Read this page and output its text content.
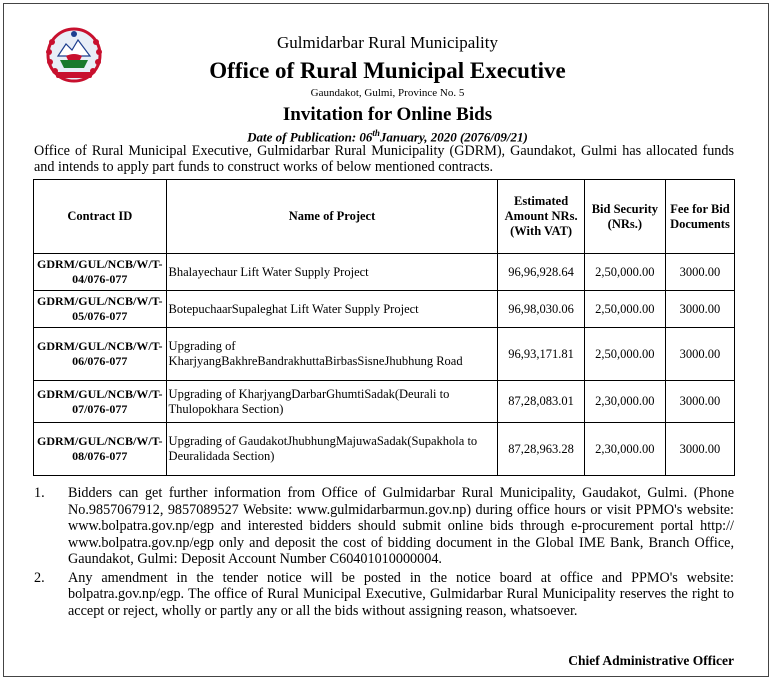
Gulmidarbar Rural Municipality
Office of Rural Municipal Executive
Gaundakot, Gulmi, Province No. 5
Invitation for Online Bids
Date of Publication: 06thJanuary, 2020 (2076/09/21)
Office of Rural Municipal Executive, Gulmidarbar Rural Municipality (GDRM), Gaundakot, Gulmi has allocated funds and intends to apply part funds to construct works of below mentioned contracts.
Contract ID	Name of Project	Estimated Amount NRs.(With VAT)	Bid Security (NRs.)	Fee for Bid Documents
GDRM/GUL/NCB/W/T-04/076-077	Bhalayechaur Lift Water Supply Project	96,96,928.64	2,50,000.00	3000.00
GDRM/GUL/NCB/W/T-05/076-077	BotepuchaarSupaleghat Lift Water Supply Project	96,98,030.06	2,50,000.00	3000.00
GDRM/GUL/NCB/W/T-06/076-077	Upgrading of KharjyangBakhreBandrakhuttaBirbasSisneJhubhung Road	96,93,171.81	2,50,000.00	3000.00
GDRM/GUL/NCB/W/T-07/076-077	Upgrading of KharjyangDarbarGhumtiSadak(Deurali to Thulopokhara Section)	87,28,083.01	2,30,000.00	3000.00
GDRM/GUL/NCB/W/T-08/076-077	Upgrading of GaudakotJhubhungMajuwaSadak(Supakhola to Deuralidada Section)	87,28,963.28	2,30,000.00	3000.00
1. Bidders can get further information from Office of Gulmidarbar Rural Municipality, Gaudakot, Gulmi. (Phone No.9857067912, 9857089527 Website: www.gulmidarbarmun.gov.np) during office hours or visit PPMO's website: www.bolpatra.gov.np/egp and interested bidders should submit online bids through e-procurement portal http:// www.bolpatra.gov.np/egp only and deposit the cost of bidding document in the Global IME Bank, Branch Office, Gaundakot, Gulmi: Deposit Account Number C60401010000004.
2. Any amendment in the tender notice will be posted in the notice board at office and PPMO's website: bolpatra.gov.np/egp. The office of Rural Municipal Executive, Gulmidarbar Rural Municipality reserves the right to accept or reject, wholly or partly any or all the bids without assigning reason, whatsoever.
Chief Administrative Officer
